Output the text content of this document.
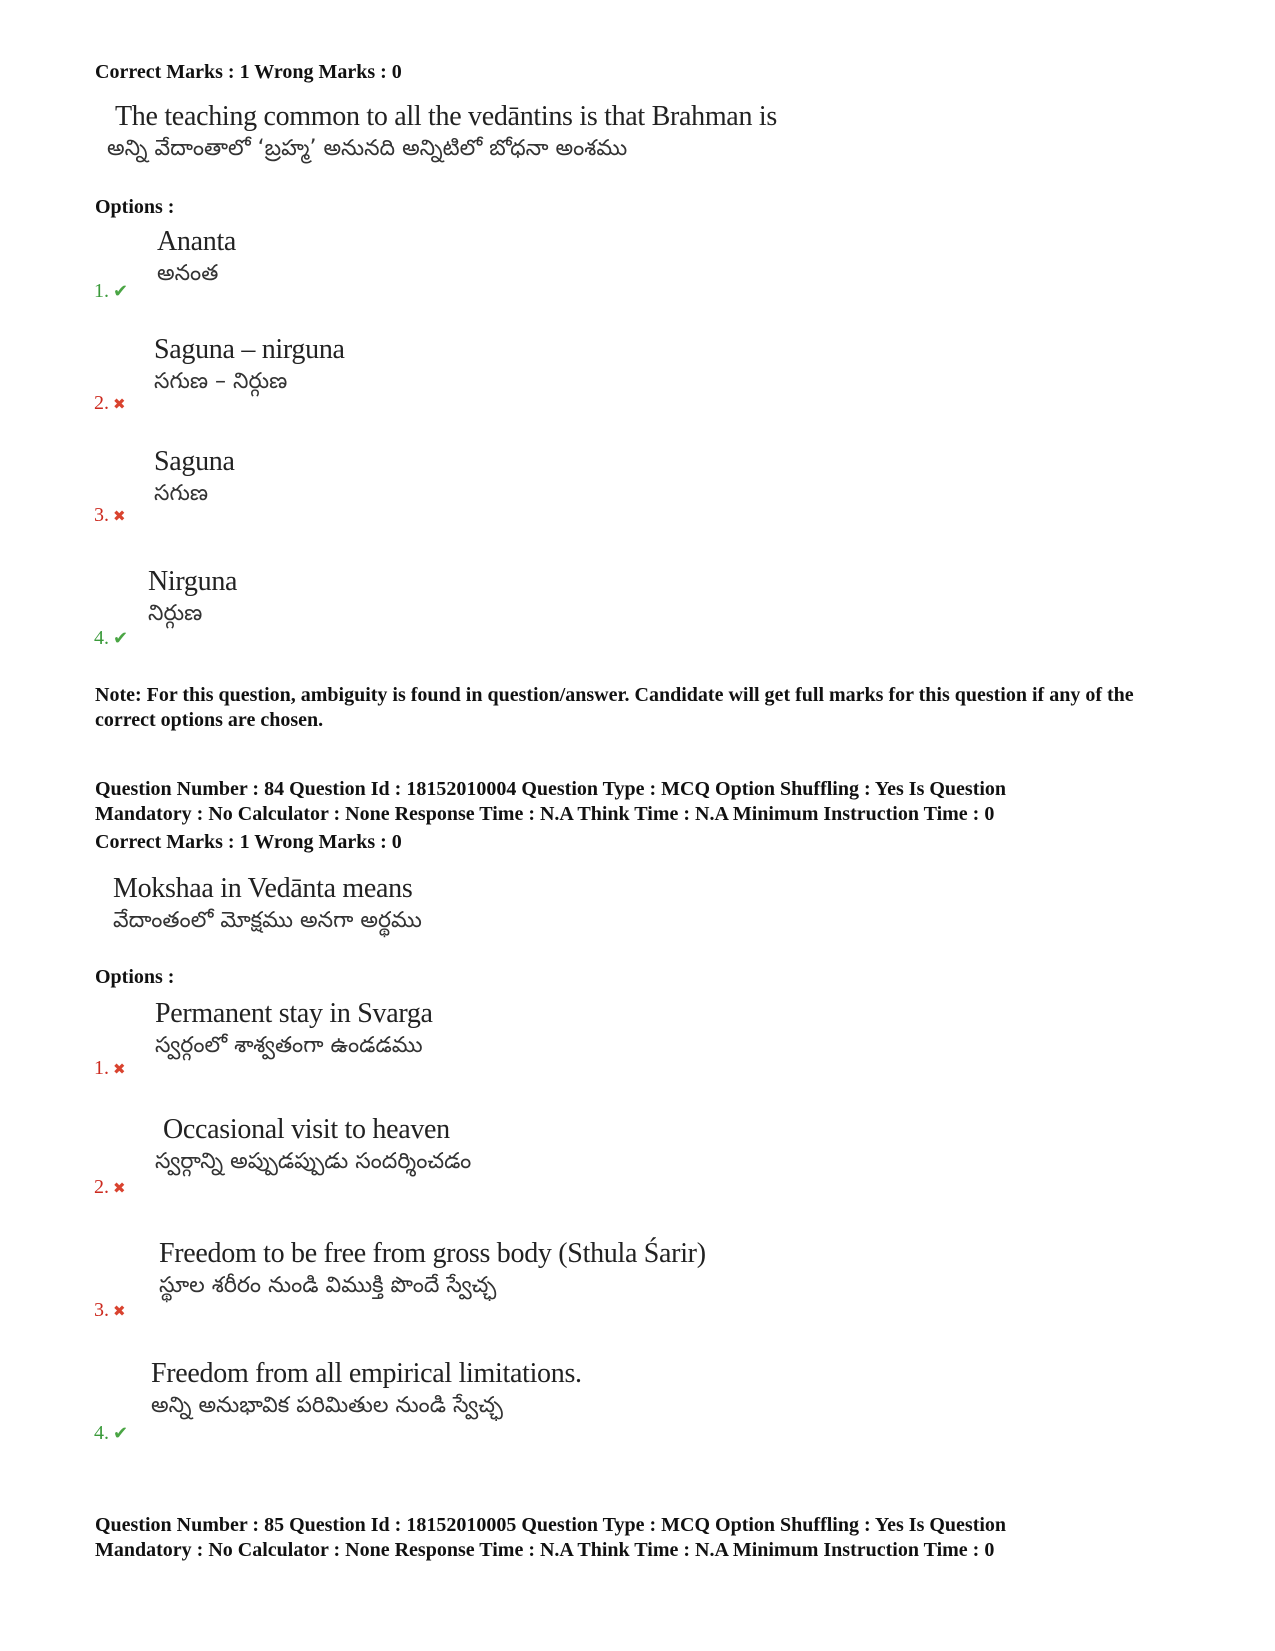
Correct Marks : 1 Wrong Marks : 0
The teaching common to all the vedāntins is that Brahman is
అన్ని వేదాంతాలో ‘బ్రహ్మ’ అనునది అన్నిటిలో బోధనా అంశము
Options :
Ananta
అనంత
1. ✔
Saguna – nirguna
సగుణ – నిర్గుణ
2. ✖
Saguna
సగుణ
3. ✖
Nirguna
నిర్గుణ
4. ✔
Note: For this question, ambiguity is found in question/answer. Candidate will get full marks for this question if any of the correct options are chosen.
Question Number : 84 Question Id : 18152010004 Question Type : MCQ Option Shuffling : Yes Is Question
Mandatory : No Calculator : None Response Time : N.A Think Time : N.A Minimum Instruction Time : 0
Correct Marks : 1 Wrong Marks : 0
Mokshaa in Vedānta means
వేదాంతంలో మోక్షము అనగా అర్థము
Options :
Permanent stay in Svarga
స్వర్గంలో శాశ్వతంగా ఉండడము
1. ✖
Occasional visit to heaven
స్వర్గాన్ని అప్పుడప్పుడు సందర్శించడం
2. ✖
Freedom to be free from gross body (Sthula Śarir)
స్థూల శరీరం నుండి విముక్తి పొందే స్వేచ్ఛ
3. ✖
Freedom from all empirical limitations.
అన్ని అనుభావిక పరిమితుల నుండి స్వేచ్ఛ
4. ✔
Question Number : 85 Question Id : 18152010005 Question Type : MCQ Option Shuffling : Yes Is Question
Mandatory : No Calculator : None Response Time : N.A Think Time : N.A Minimum Instruction Time : 0
